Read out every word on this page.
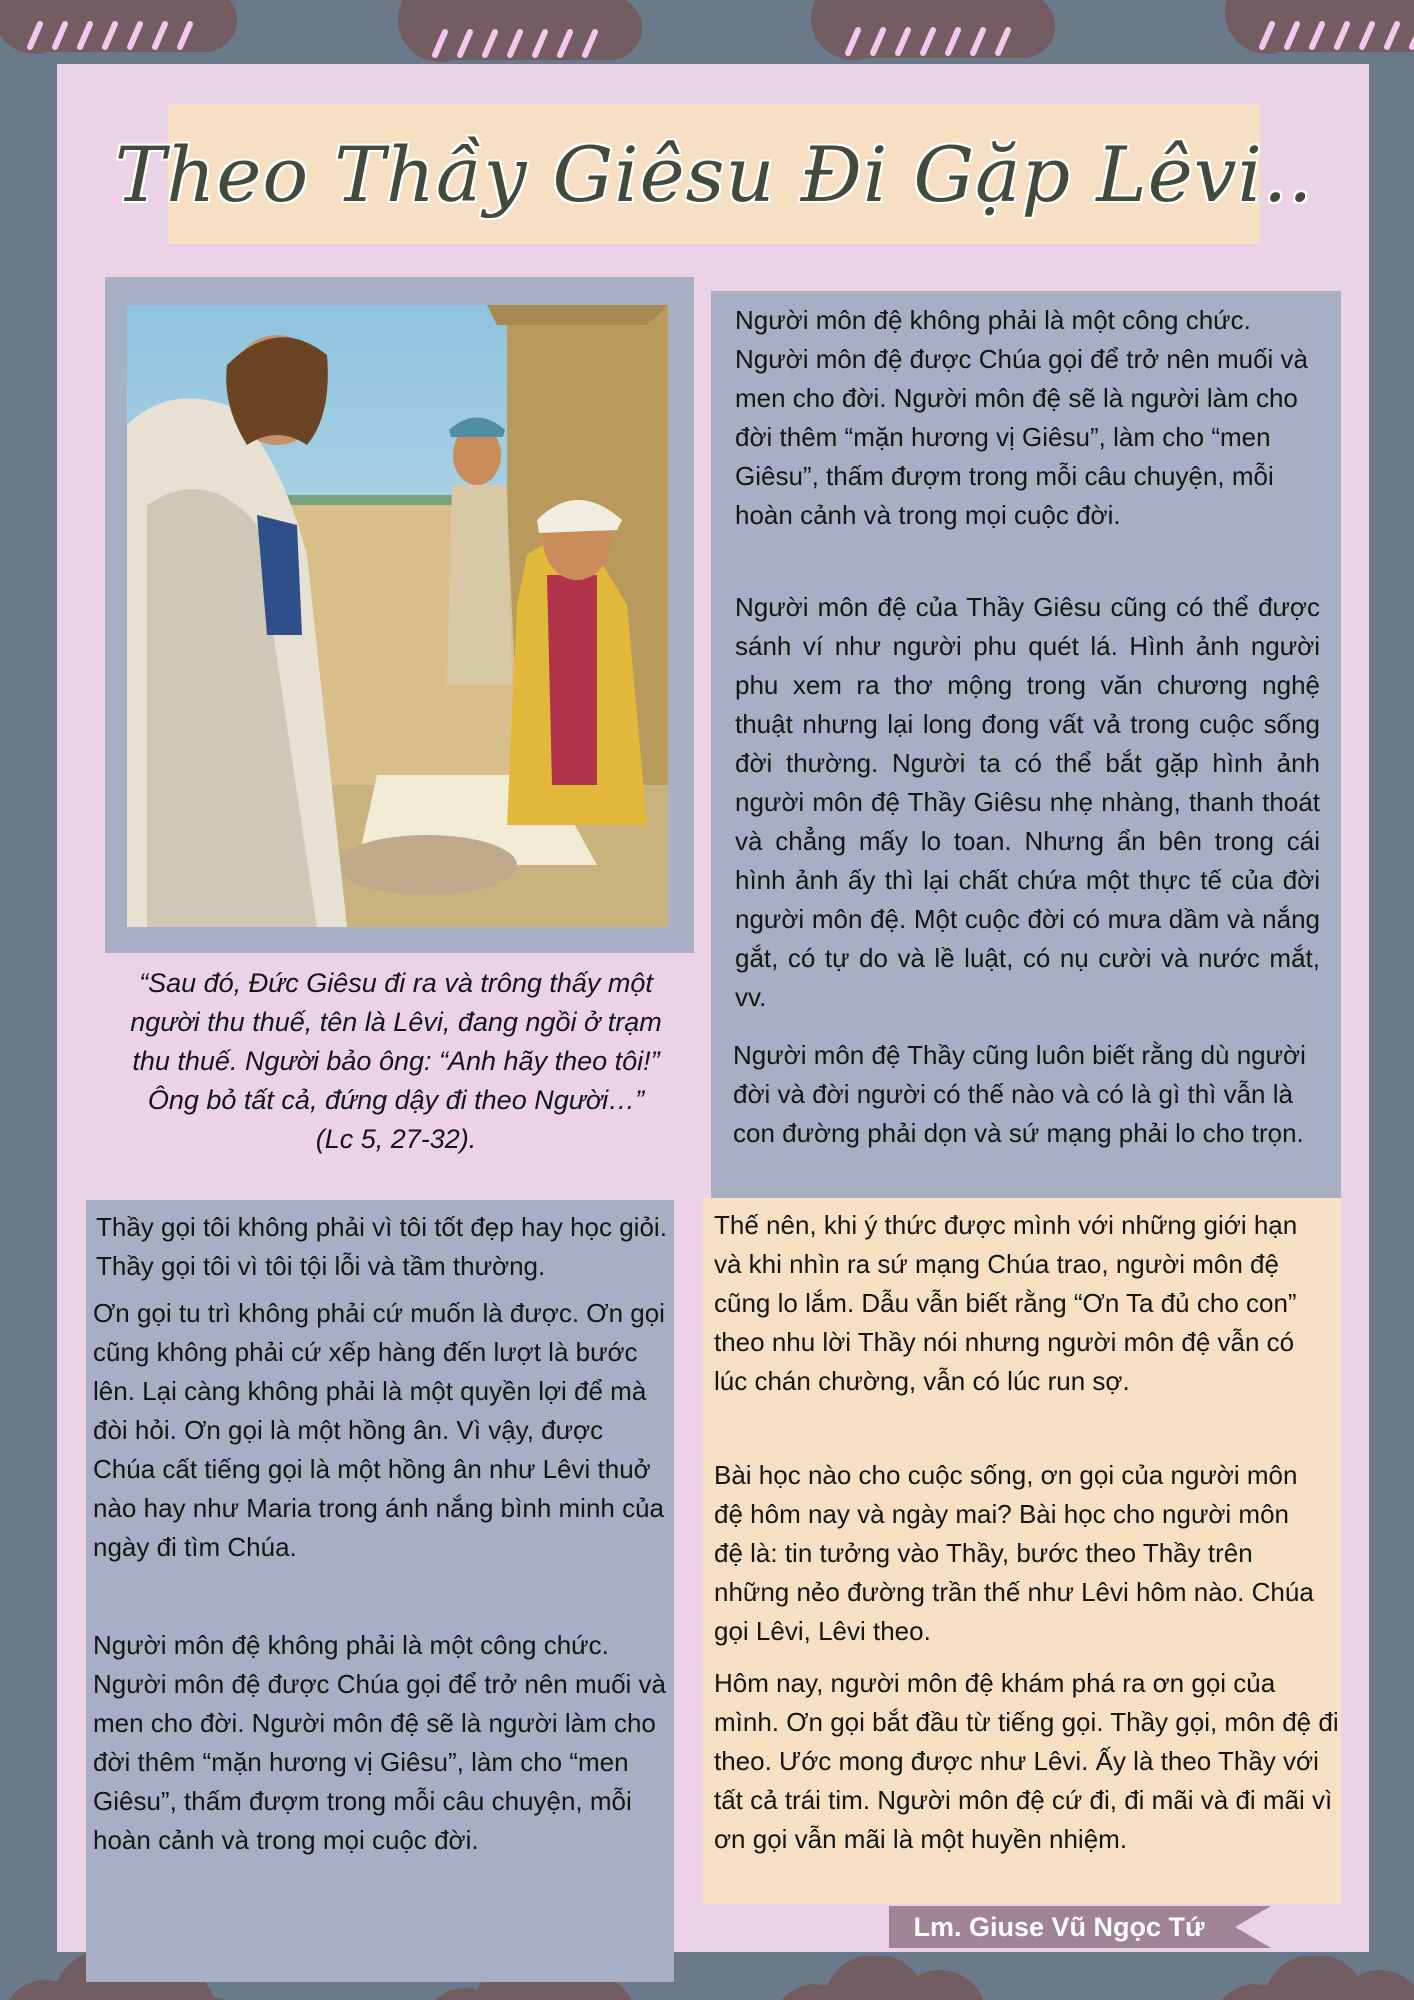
Theo Thầy Giêsu Đi Gặp Lêvi..
“Sau đó, Đức Giêsu đi ra và trông thấy một
người thu thuế, tên là Lêvi, đang ngồi ở trạm
thu thuế. Người bảo ông: “Anh hãy theo tôi!”
Ông bỏ tất cả, đứng dậy đi theo Người…”
(Lc 5, 27-32).

Người môn đệ không phải là một công chức. Người môn đệ được Chúa gọi để trở nên muối và men cho đời. Người môn đệ sẽ là người làm cho đời thêm “mặn hương vị Giêsu”, làm cho “men Giêsu”, thấm đượm trong mỗi câu chuyện, mỗi hoàn cảnh và trong mọi cuộc đời.

Người môn đệ của Thầy Giêsu cũng có thể được sánh ví như người phu quét lá. Hình ảnh người phu xem ra thơ mộng trong văn chương nghệ thuật nhưng lại long đong vất vả trong cuộc sống đời thường. Người ta có thể bắt gặp hình ảnh người môn đệ Thầy Giêsu nhẹ nhàng, thanh thoát và chẳng mấy lo toan. Nhưng ẩn bên trong cái hình ảnh ấy thì lại chất chứa một thực tế của đời người môn đệ. Một cuộc đời có mưa dầm và nắng gắt, có tự do và lề luật, có nụ cười và nước mắt, vv.

Người môn đệ Thầy cũng luôn biết rằng dù người đời và đời người có thế nào và có là gì thì vẫn là con đường phải dọn và sứ mạng phải lo cho trọn.

Thầy gọi tôi không phải vì tôi tốt đẹp hay học giỏi. Thầy gọi tôi vì tôi tội lỗi và tầm thường.

Ơn gọi tu trì không phải cứ muốn là được. Ơn gọi cũng không phải cứ xếp hàng đến lượt là bước lên. Lại càng không phải là một quyền lợi để mà đòi hỏi. Ơn gọi là một hồng ân. Vì vậy, được Chúa cất tiếng gọi là một hồng ân như Lêvi thuở nào hay như Maria trong ánh nắng bình minh của ngày đi tìm Chúa.

Người môn đệ không phải là một công chức. Người môn đệ được Chúa gọi để trở nên muối và men cho đời. Người môn đệ sẽ là người làm cho đời thêm “mặn hương vị Giêsu”, làm cho “men Giêsu”, thấm đượm trong mỗi câu chuyện, mỗi hoàn cảnh và trong mọi cuộc đời.

Thế nên, khi ý thức được mình với những giới hạn và khi nhìn ra sứ mạng Chúa trao, người môn đệ cũng lo lắm. Dẫu vẫn biết rằng “Ơn Ta đủ cho con” theo nhu lời Thầy nói nhưng người môn đệ vẫn có lúc chán chường, vẫn có lúc run sợ.

Bài học nào cho cuộc sống, ơn gọi của người môn đệ hôm nay và ngày mai? Bài học cho người môn đệ là: tin tưởng vào Thầy, bước theo Thầy trên những nẻo đường trần thế như Lêvi hôm nào. Chúa gọi Lêvi, Lêvi theo.

Hôm nay, người môn đệ khám phá ra ơn gọi của mình. Ơn gọi bắt đầu từ tiếng gọi. Thầy gọi, môn đệ đi theo. Ước mong được như Lêvi. Ấy là theo Thầy với tất cả trái tim. Người môn đệ cứ đi, đi mãi và đi mãi vì ơn gọi vẫn mãi là một huyền nhiệm.

Lm. Giuse Vũ Ngọc Tứ
